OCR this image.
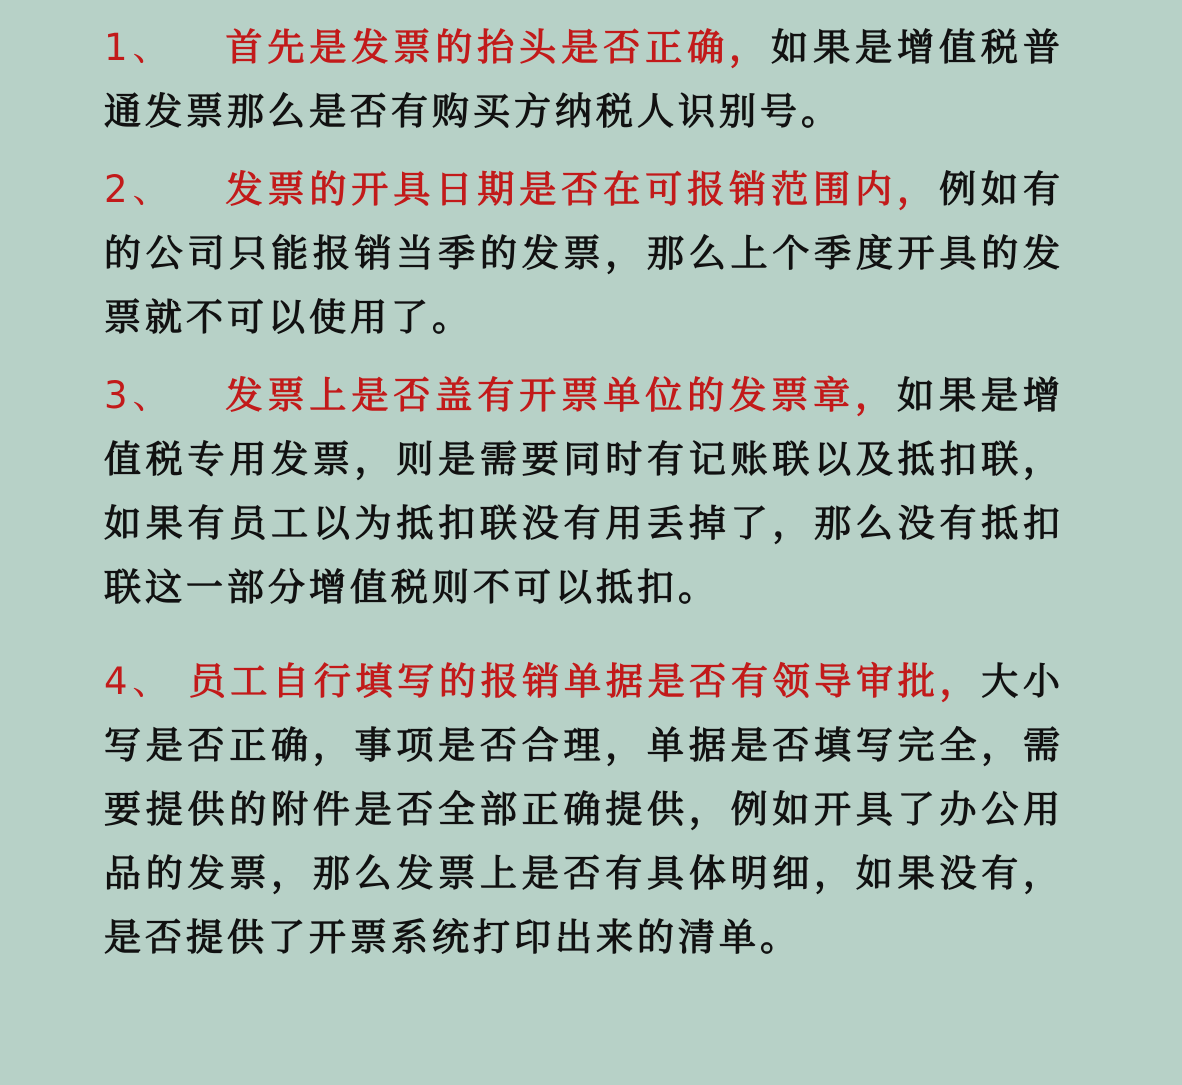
1、 首先是发票的抬头是否正确，如果是增值税普通发票那么是否有购买方纳税人识别号。

2、 发票的开具日期是否在可报销范围内，例如有的公司只能报销当季的发票，那么上个季度开具的发票就不可以使用了。

3、 发票上是否盖有开票单位的发票章，如果是增值税专用发票，则是需要同时有记账联以及抵扣联，如果有员工以为抵扣联没有用丢掉了，那么没有抵扣联这一部分增值税则不可以抵扣。

4、 员工自行填写的报销单据是否有领导审批，大小写是否正确，事项是否合理，单据是否填写完全，需要提供的附件是否全部正确提供，例如开具了办公用品的发票，那么发票上是否有具体明细，如果没有，是否提供了开票系统打印出来的清单。
